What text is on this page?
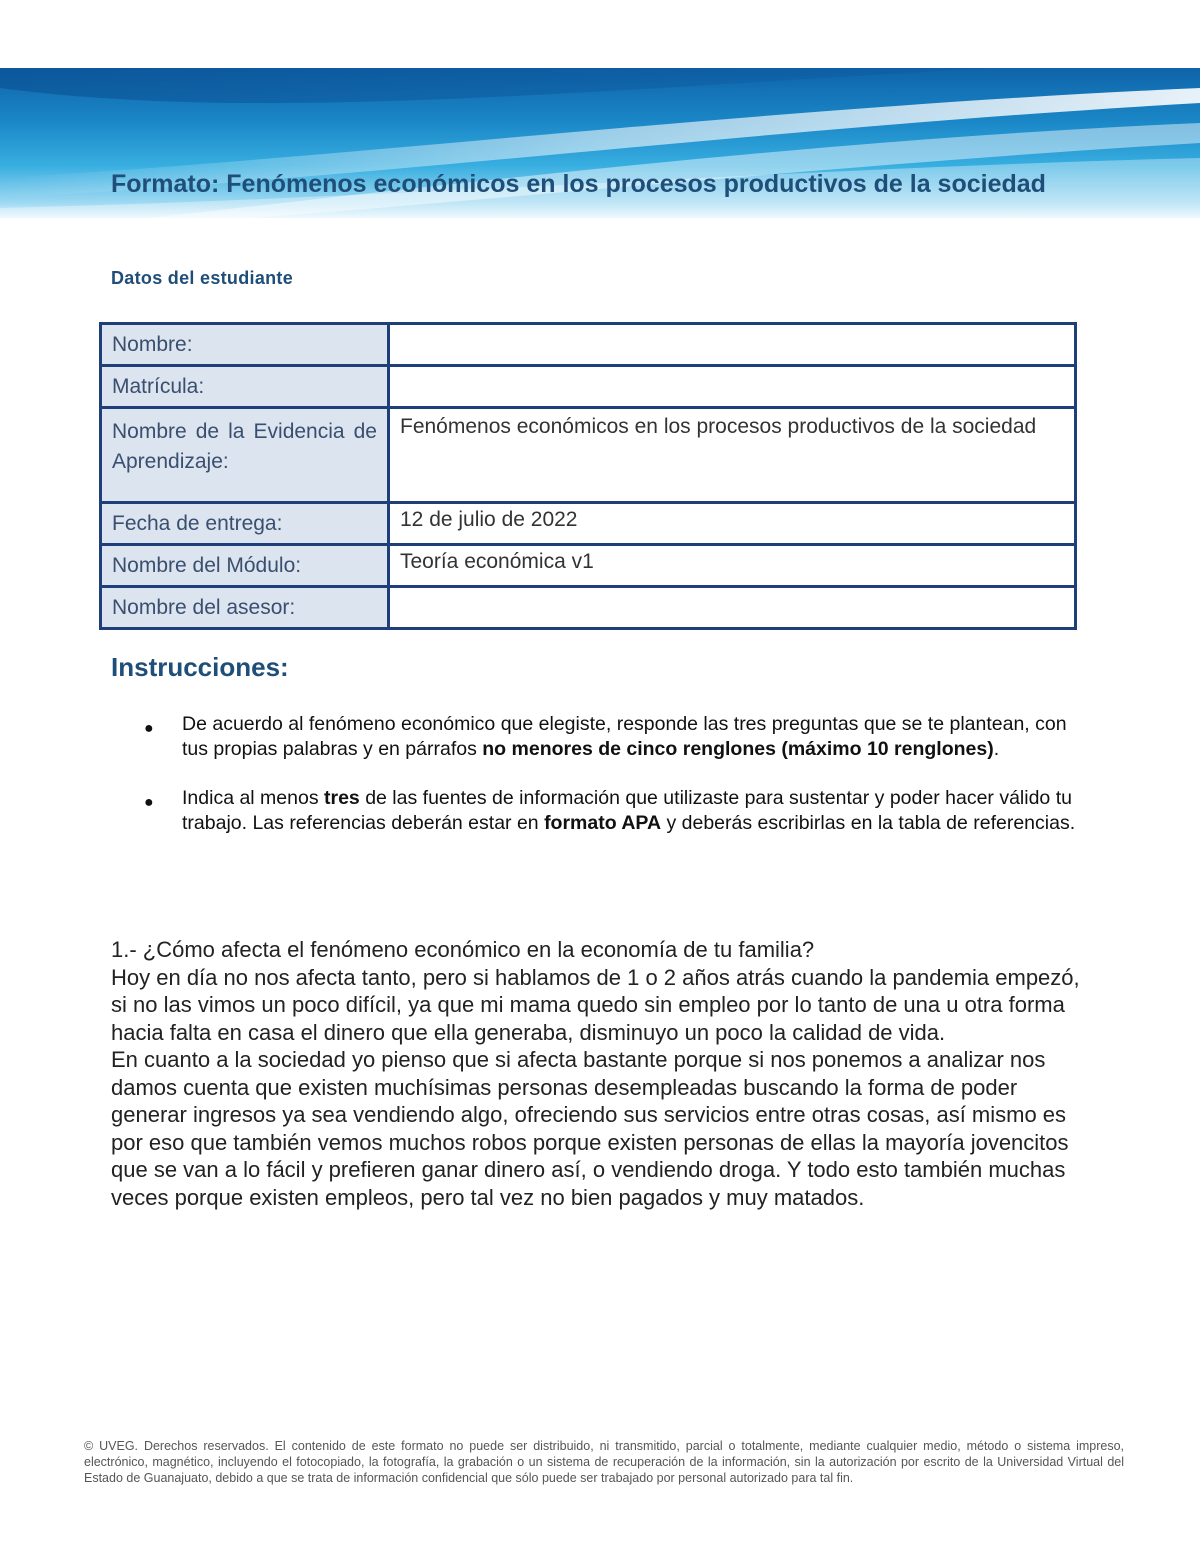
Formato: Fenómenos económicos en los procesos productivos de la sociedad
Datos del estudiante
Nombre:	
Matrícula:	
Nombre de la Evidencia de Aprendizaje:	Fenómenos económicos en los procesos productivos de la sociedad
Fecha de entrega:	12 de julio de 2022
Nombre del Módulo:	Teoría económica v1
Nombre del asesor:	
Instrucciones:
● De acuerdo al fenómeno económico que elegiste, responde las tres preguntas que se te plantean, con tus propias palabras y en párrafos no menores de cinco renglones (máximo 10 renglones).
● Indica al menos tres de las fuentes de información que utilizaste para sustentar y poder hacer válido tu trabajo. Las referencias deberán estar en formato APA y deberás escribirlas en la tabla de referencias.

1.- ¿Cómo afecta el fenómeno económico en la economía de tu familia?

Hoy en día no nos afecta tanto, pero si hablamos de 1 o 2 años atrás cuando la pandemia empezó, si no las vimos un poco difícil, ya que mi mama quedo sin empleo por lo tanto de una u otra forma hacia falta en casa el dinero que ella generaba, disminuyo un poco la calidad de vida.

En cuanto a la sociedad yo pienso que si afecta bastante porque si nos ponemos a analizar nos damos cuenta que existen muchísimas personas desempleadas buscando la forma de poder generar ingresos ya sea vendiendo algo, ofreciendo sus servicios entre otras cosas, así mismo es por eso que también vemos muchos robos porque existen personas de ellas la mayoría jovencitos que se van a lo fácil y prefieren ganar dinero así, o vendiendo droga. Y todo esto también muchas veces porque existen empleos, pero tal vez no bien pagados y muy matados.

© UVEG. Derechos reservados. El contenido de este formato no puede ser distribuido, ni transmitido, parcial o totalmente, mediante cualquier medio, método o sistema impreso, electrónico, magnético, incluyendo el fotocopiado, la fotografía, la grabación o un sistema de recuperación de la información, sin la autorización por escrito de la Universidad Virtual del Estado de Guanajuato, debido a que se trata de información confidencial que sólo puede ser trabajado por personal autorizado para tal fin.
